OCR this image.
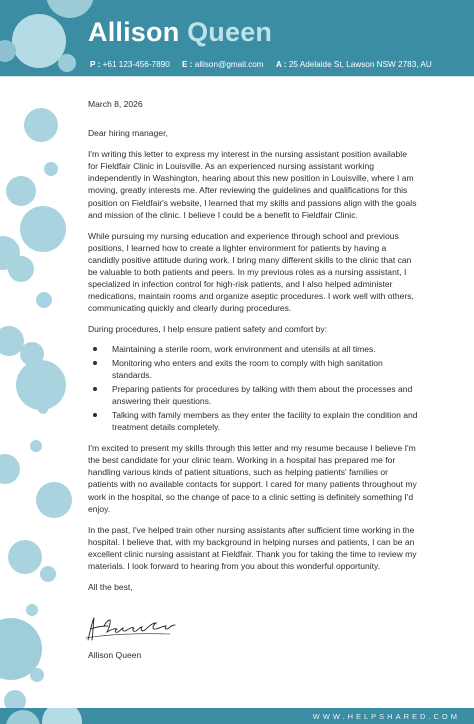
Allison Queen
P : +61 123-456-7890 E : allison@gmail.com A : 25 Adelaide St, Lawson NSW 2783, AU

March 8, 2026

Dear hiring manager,

I'm writing this letter to express my interest in the nursing assistant position available for Fieldfair Clinic in Louisville. As an experienced nursing assistant working independently in Washington, hearing about this new position in Louisville, where I am moving, greatly interests me. After reviewing the guidelines and qualifications for this position on Fieldfair's website, I learned that my skills and passions align with the goals and mission of the clinic. I believe I could be a benefit to Fieldfair Clinic.

While pursuing my nursing education and experience through school and previous positions, I learned how to create a lighter environment for patients by having a candidly positive attitude during work. I bring many different skills to the clinic that can be valuable to both patients and peers. In my previous roles as a nursing assistant, I specialized in infection control for high-risk patients, and I also helped administer medications, maintain rooms and organize aseptic procedures. I work well with others, communicating quickly and clearly during procedures.

During procedures, I help ensure patient safety and comfort by:

Maintaining a sterile room, work environment and utensils at all times.
Monitoring who enters and exits the room to comply with high sanitation standards.
Preparing patients for procedures by talking with them about the processes and answering their questions.
Talking with family members as they enter the facility to explain the condition and treatment details completely.

I'm excited to present my skills through this letter and my resume because I believe I'm the best candidate for your clinic team. Working in a hospital has prepared me for handling various kinds of patient situations, such as helping patients' families or patients with no available contacts for support. I cared for many patients throughout my work in the hospital, so the change of pace to a clinic setting is definitely something I'd enjoy.

In the past, I've helped train other nursing assistants after sufficient time working in the hospital. I believe that, with my background in helping nurses and patients, I can be an excellent clinic nursing assistant at Fieldfair. Thank you for taking the time to review my materials. I look forward to hearing from you about this wonderful opportunity.

All the best,

Allison Queen
WWW.HELPSHARED.COM
